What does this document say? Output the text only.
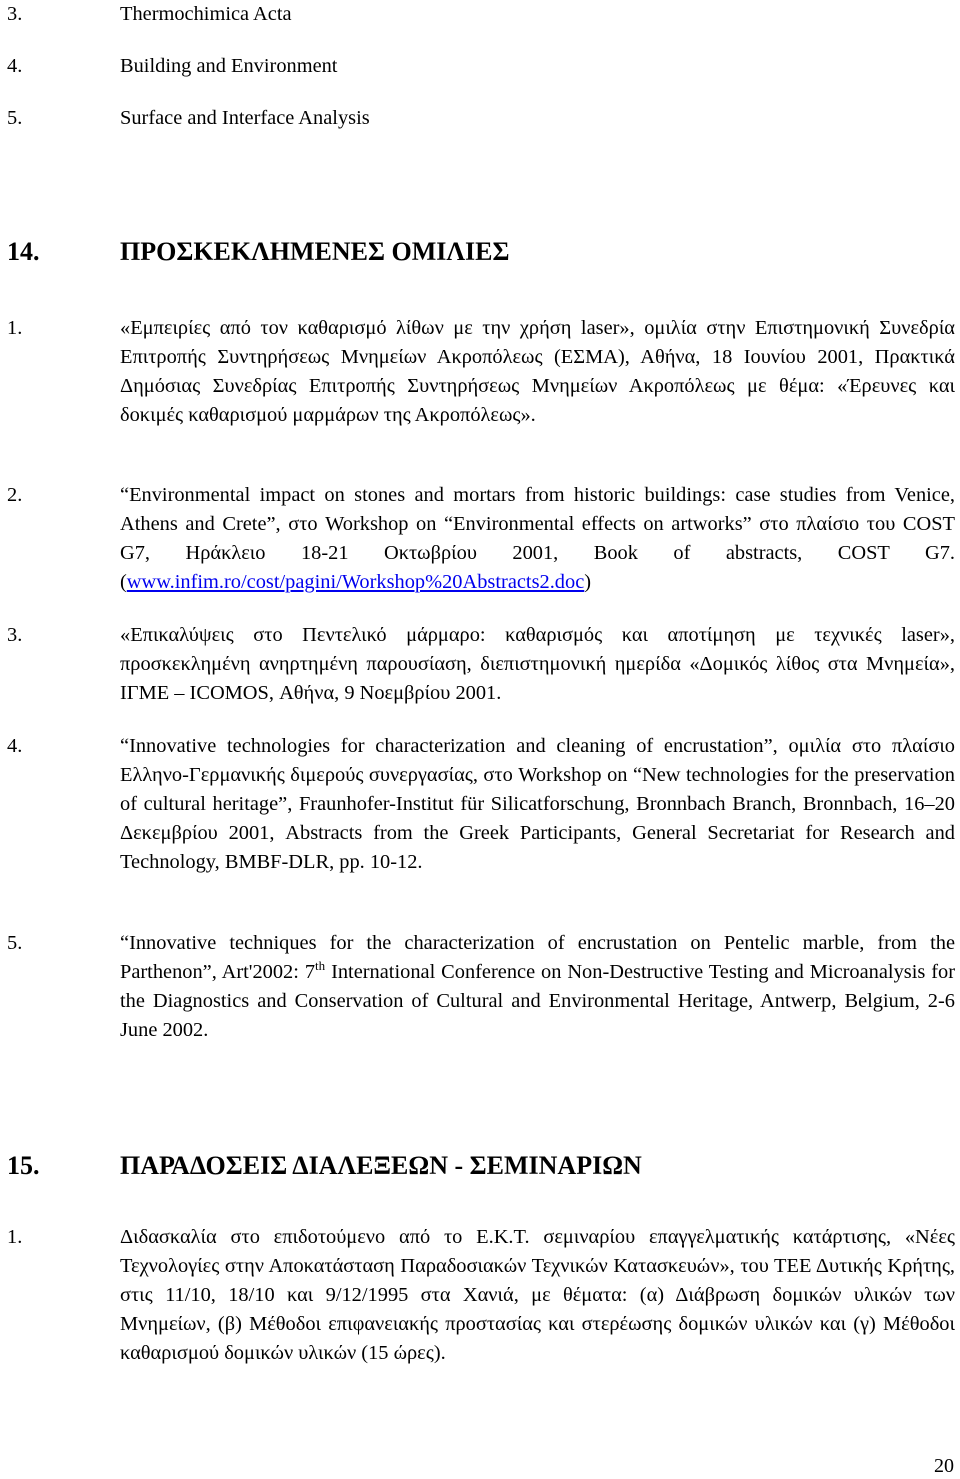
3.	Thermochimica Acta
4.	Building and Environment
5.	Surface and Interface Analysis
14.	ΠΡΟΣΚΕΚΛΗΜΕΝΕΣ ΟΜΙΛΙΕΣ
1.	«Εμπειρίες από τον καθαρισμό λίθων με την χρήση laser», ομιλία στην Επιστημονική Συνεδρία Επιτροπής Συντηρήσεως Μνημείων Ακροπόλεως (ΕΣΜΑ), Αθήνα, 18 Ιουνίου 2001, Πρακτικά Δημόσιας Συνεδρίας Επιτροπής Συντηρήσεως Μνημείων Ακροπόλεως με θέμα: «Έρευνες και δοκιμές καθαρισμού μαρμάρων της Ακροπόλεως».
2.	“Environmental impact on stones and mortars from historic buildings: case studies from Venice, Athens and Crete”, στο Workshop on “Environmental effects on artworks” στο πλαίσιο του COST G7, Ηράκλειο 18-21 Οκτωβρίου 2001, Book of abstracts, COST G7. (www.infim.ro/cost/pagini/Workshop%20Abstracts2.doc)
3.	«Επικαλύψεις στο Πεντελικό μάρμαρο: καθαρισμός και αποτίμηση με τεχνικές laser», προσκεκλημένη ανηρτημένη παρουσίαση, διεπιστημονική ημερίδα «Δομικός λίθος στα Μνημεία», ΙΓΜΕ – ICOMOS, Αθήνα, 9 Νοεμβρίου 2001.
4.	“Innovative technologies for characterization and cleaning of encrustation”, ομιλία στο πλαίσιο Ελληνο-Γερμανικής διμερούς συνεργασίας, στο Workshop on “New technologies for the preservation of cultural heritage”, Fraunhofer-Institut für Silicatforschung, Bronnbach Branch, Bronnbach, 16–20 Δεκεμβρίου 2001, Abstracts from the Greek Participants, General Secretariat for Research and Technology, BMBF-DLR, pp. 10-12.
5.	“Innovative techniques for the characterization of encrustation on Pentelic marble, from the Parthenon”, Art'2002: 7th International Conference on Non-Destructive Testing and Microanalysis for the Diagnostics and Conservation of Cultural and Environmental Heritage, Antwerp, Belgium, 2-6 June 2002.
15.	ΠΑΡΑΔΟΣΕΙΣ ΔΙΑΛΕΞΕΩΝ - ΣΕΜΙΝΑΡΙΩΝ
1.	Διδασκαλία στο επιδοτούμενο από το Ε.Κ.Τ. σεμιναρίου επαγγελματικής κατάρτισης, «Νέες Τεχνολογίες στην Αποκατάσταση Παραδοσιακών Τεχνικών Κατασκευών», του ΤΕΕ Δυτικής Κρήτης, στις 11/10, 18/10 και 9/12/1995 στα Χανιά, με θέματα: (α) Διάβρωση δομικών υλικών των Μνημείων, (β) Μέθοδοι επιφανειακής προστασίας και στερέωσης δομικών υλικών και (γ) Μέθοδοι καθαρισμού δομικών υλικών (15 ώρες).
20
